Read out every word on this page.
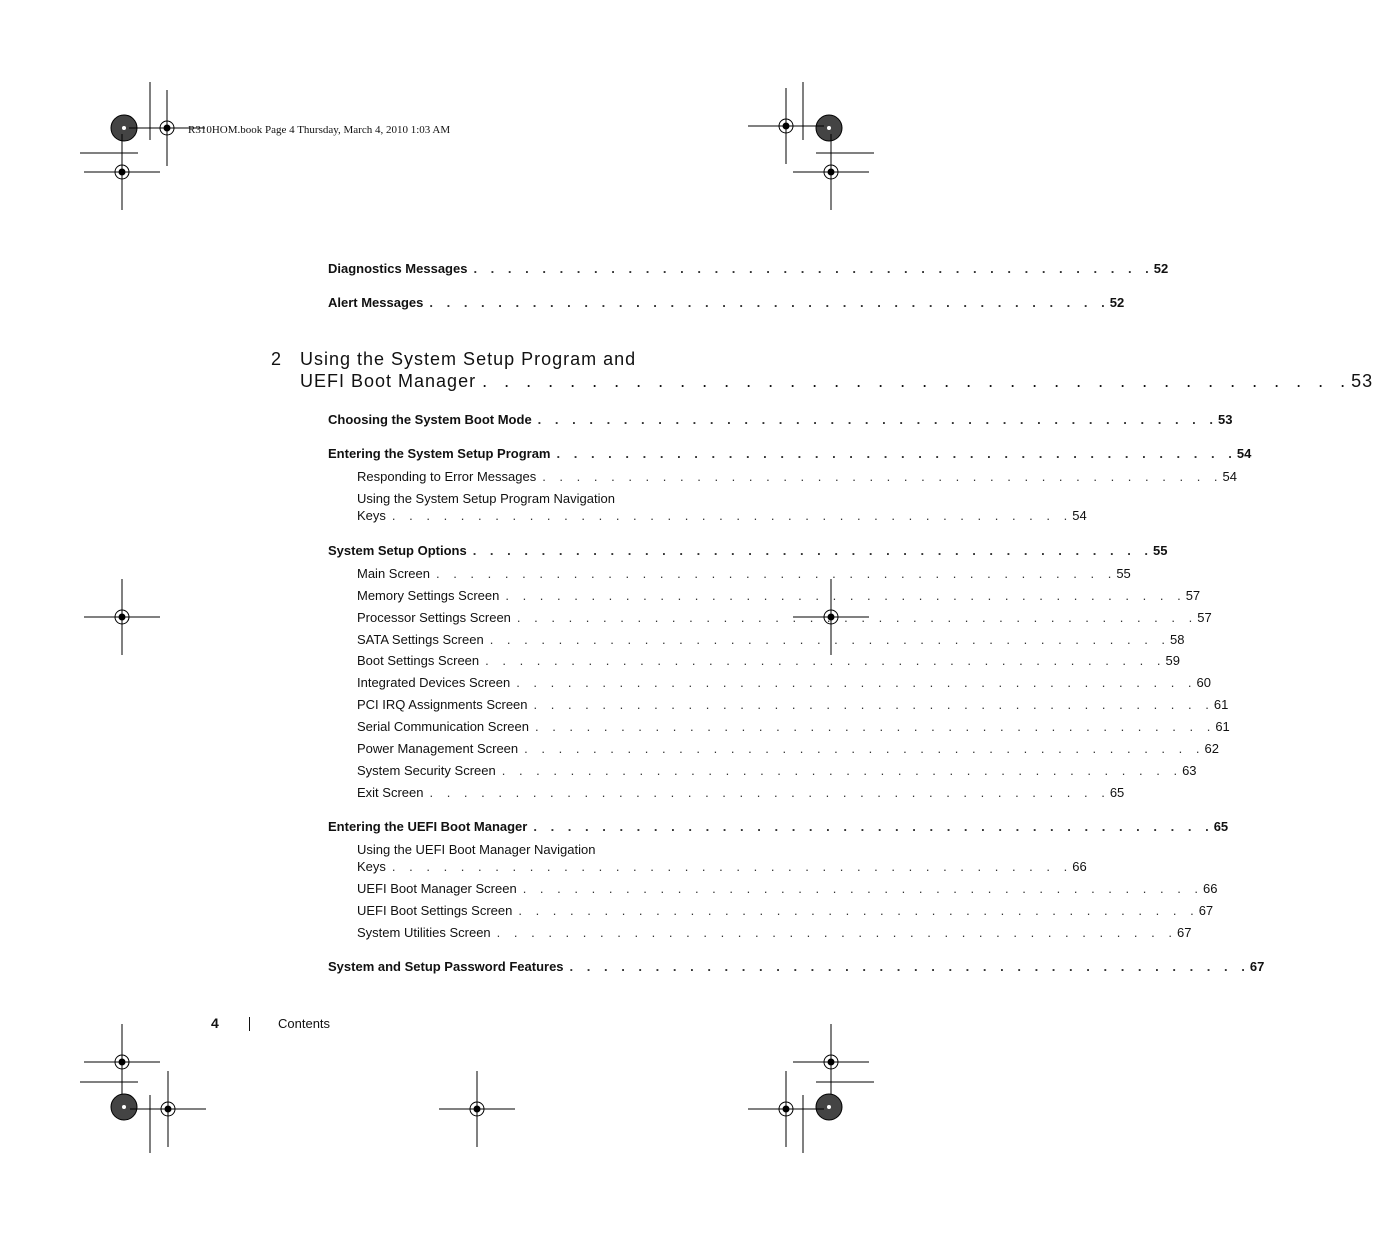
R310HOM.book Page 4 Thursday, March 4, 2010 1:03 AM
Diagnostics Messages . . . . . . . . . . . . . . . . . . . . . . . . . . . . . . . . . . . . . . . . 52
Alert Messages . . . . . . . . . . . . . . . . . . . . . . . . . . . . . . . . . . . . . . . . 52
2 Using the System Setup Program and
UEFI Boot Manager . . . . . . . . . . . . . . . . . . . . . . . . . . . . . . . . . . . . . . . . 53
Choosing the System Boot Mode . . . . . . . . . . . . . . . . . . . . . . . . . . . . . . . . . . . . . . . . 53
Entering the System Setup Program . . . . . . . . . . . . . . . . . . . . . . . . . . . . . . . . . . . . . . . . 54
Responding to Error Messages . . . . . . . . . . . . . . . . . . . . . . . . . . . . . . . . . . . . . . . . 54
Using the System Setup Program Navigation
Keys . . . . . . . . . . . . . . . . . . . . . . . . . . . . . . . . . . . . . . . . 54
System Setup Options . . . . . . . . . . . . . . . . . . . . . . . . . . . . . . . . . . . . . . . . 55
Main Screen . . . . . . . . . . . . . . . . . . . . . . . . . . . . . . . . . . . . . . . . 55
Memory Settings Screen . . . . . . . . . . . . . . . . . . . . . . . . . . . . . . . . . . . . . . . . 57
Processor Settings Screen . . . . . . . . . . . . . . . . . . . . . . . . . . . . . . . . . . . . . . . . 57
SATA Settings Screen . . . . . . . . . . . . . . . . . . . . . . . . . . . . . . . . . . . . . . . . 58
Boot Settings Screen . . . . . . . . . . . . . . . . . . . . . . . . . . . . . . . . . . . . . . . . 59
Integrated Devices Screen . . . . . . . . . . . . . . . . . . . . . . . . . . . . . . . . . . . . . . . . 60
PCI IRQ Assignments Screen . . . . . . . . . . . . . . . . . . . . . . . . . . . . . . . . . . . . . . . . 61
Serial Communication Screen . . . . . . . . . . . . . . . . . . . . . . . . . . . . . . . . . . . . . . . . 61
Power Management Screen . . . . . . . . . . . . . . . . . . . . . . . . . . . . . . . . . . . . . . . . 62
System Security Screen . . . . . . . . . . . . . . . . . . . . . . . . . . . . . . . . . . . . . . . . 63
Exit Screen . . . . . . . . . . . . . . . . . . . . . . . . . . . . . . . . . . . . . . . . 65
Entering the UEFI Boot Manager . . . . . . . . . . . . . . . . . . . . . . . . . . . . . . . . . . . . . . . . 65
Using the UEFI Boot Manager Navigation
Keys . . . . . . . . . . . . . . . . . . . . . . . . . . . . . . . . . . . . . . . . 66
UEFI Boot Manager Screen . . . . . . . . . . . . . . . . . . . . . . . . . . . . . . . . . . . . . . . . 66
UEFI Boot Settings Screen . . . . . . . . . . . . . . . . . . . . . . . . . . . . . . . . . . . . . . . . 67
System Utilities Screen . . . . . . . . . . . . . . . . . . . . . . . . . . . . . . . . . . . . . . . . 67
System and Setup Password Features . . . . . . . . . . . . . . . . . . . . . . . . . . . . . . . . . . . . . . . . 67
4	Contents
